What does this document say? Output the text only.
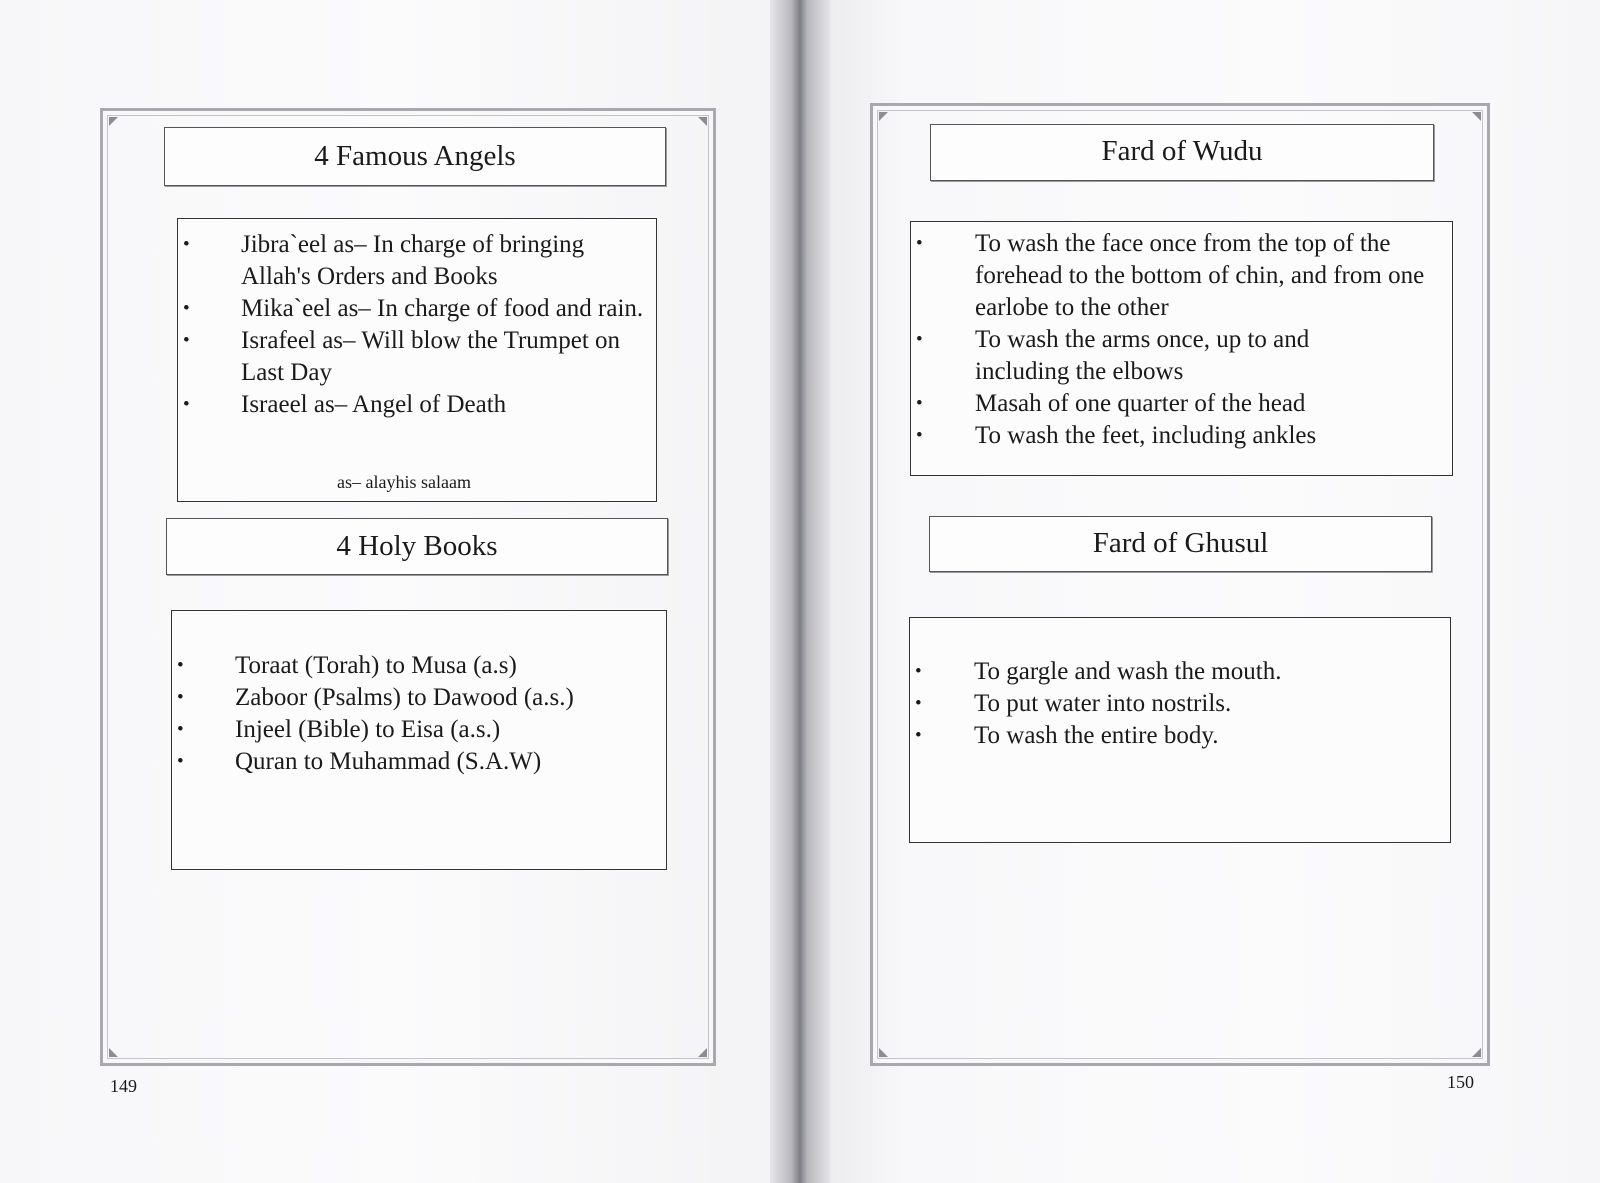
4 Famous Angels
• Jibra`eel as– In charge of bringing Allah's Orders and Books
• Mika`eel as– In charge of food and rain.
• Israfeel as– Will blow the Trumpet on Last Day
• Israeel as– Angel of Death
as– alayhis salaam
4 Holy Books
• Toraat (Torah) to Musa (a.s)
• Zaboor (Psalms) to Dawood (a.s.)
• Injeel (Bible) to Eisa (a.s.)
• Quran to Muhammad (S.A.W)
149
Fard of Wudu
• To wash the face once from the top of the forehead to the bottom of chin, and from one earlobe to the other
• To wash the arms once, up to and including the elbows
• Masah of one quarter of the head
• To wash the feet, including ankles
Fard of Ghusul
• To gargle and wash the mouth.
• To put water into nostrils.
• To wash the entire body.
150
